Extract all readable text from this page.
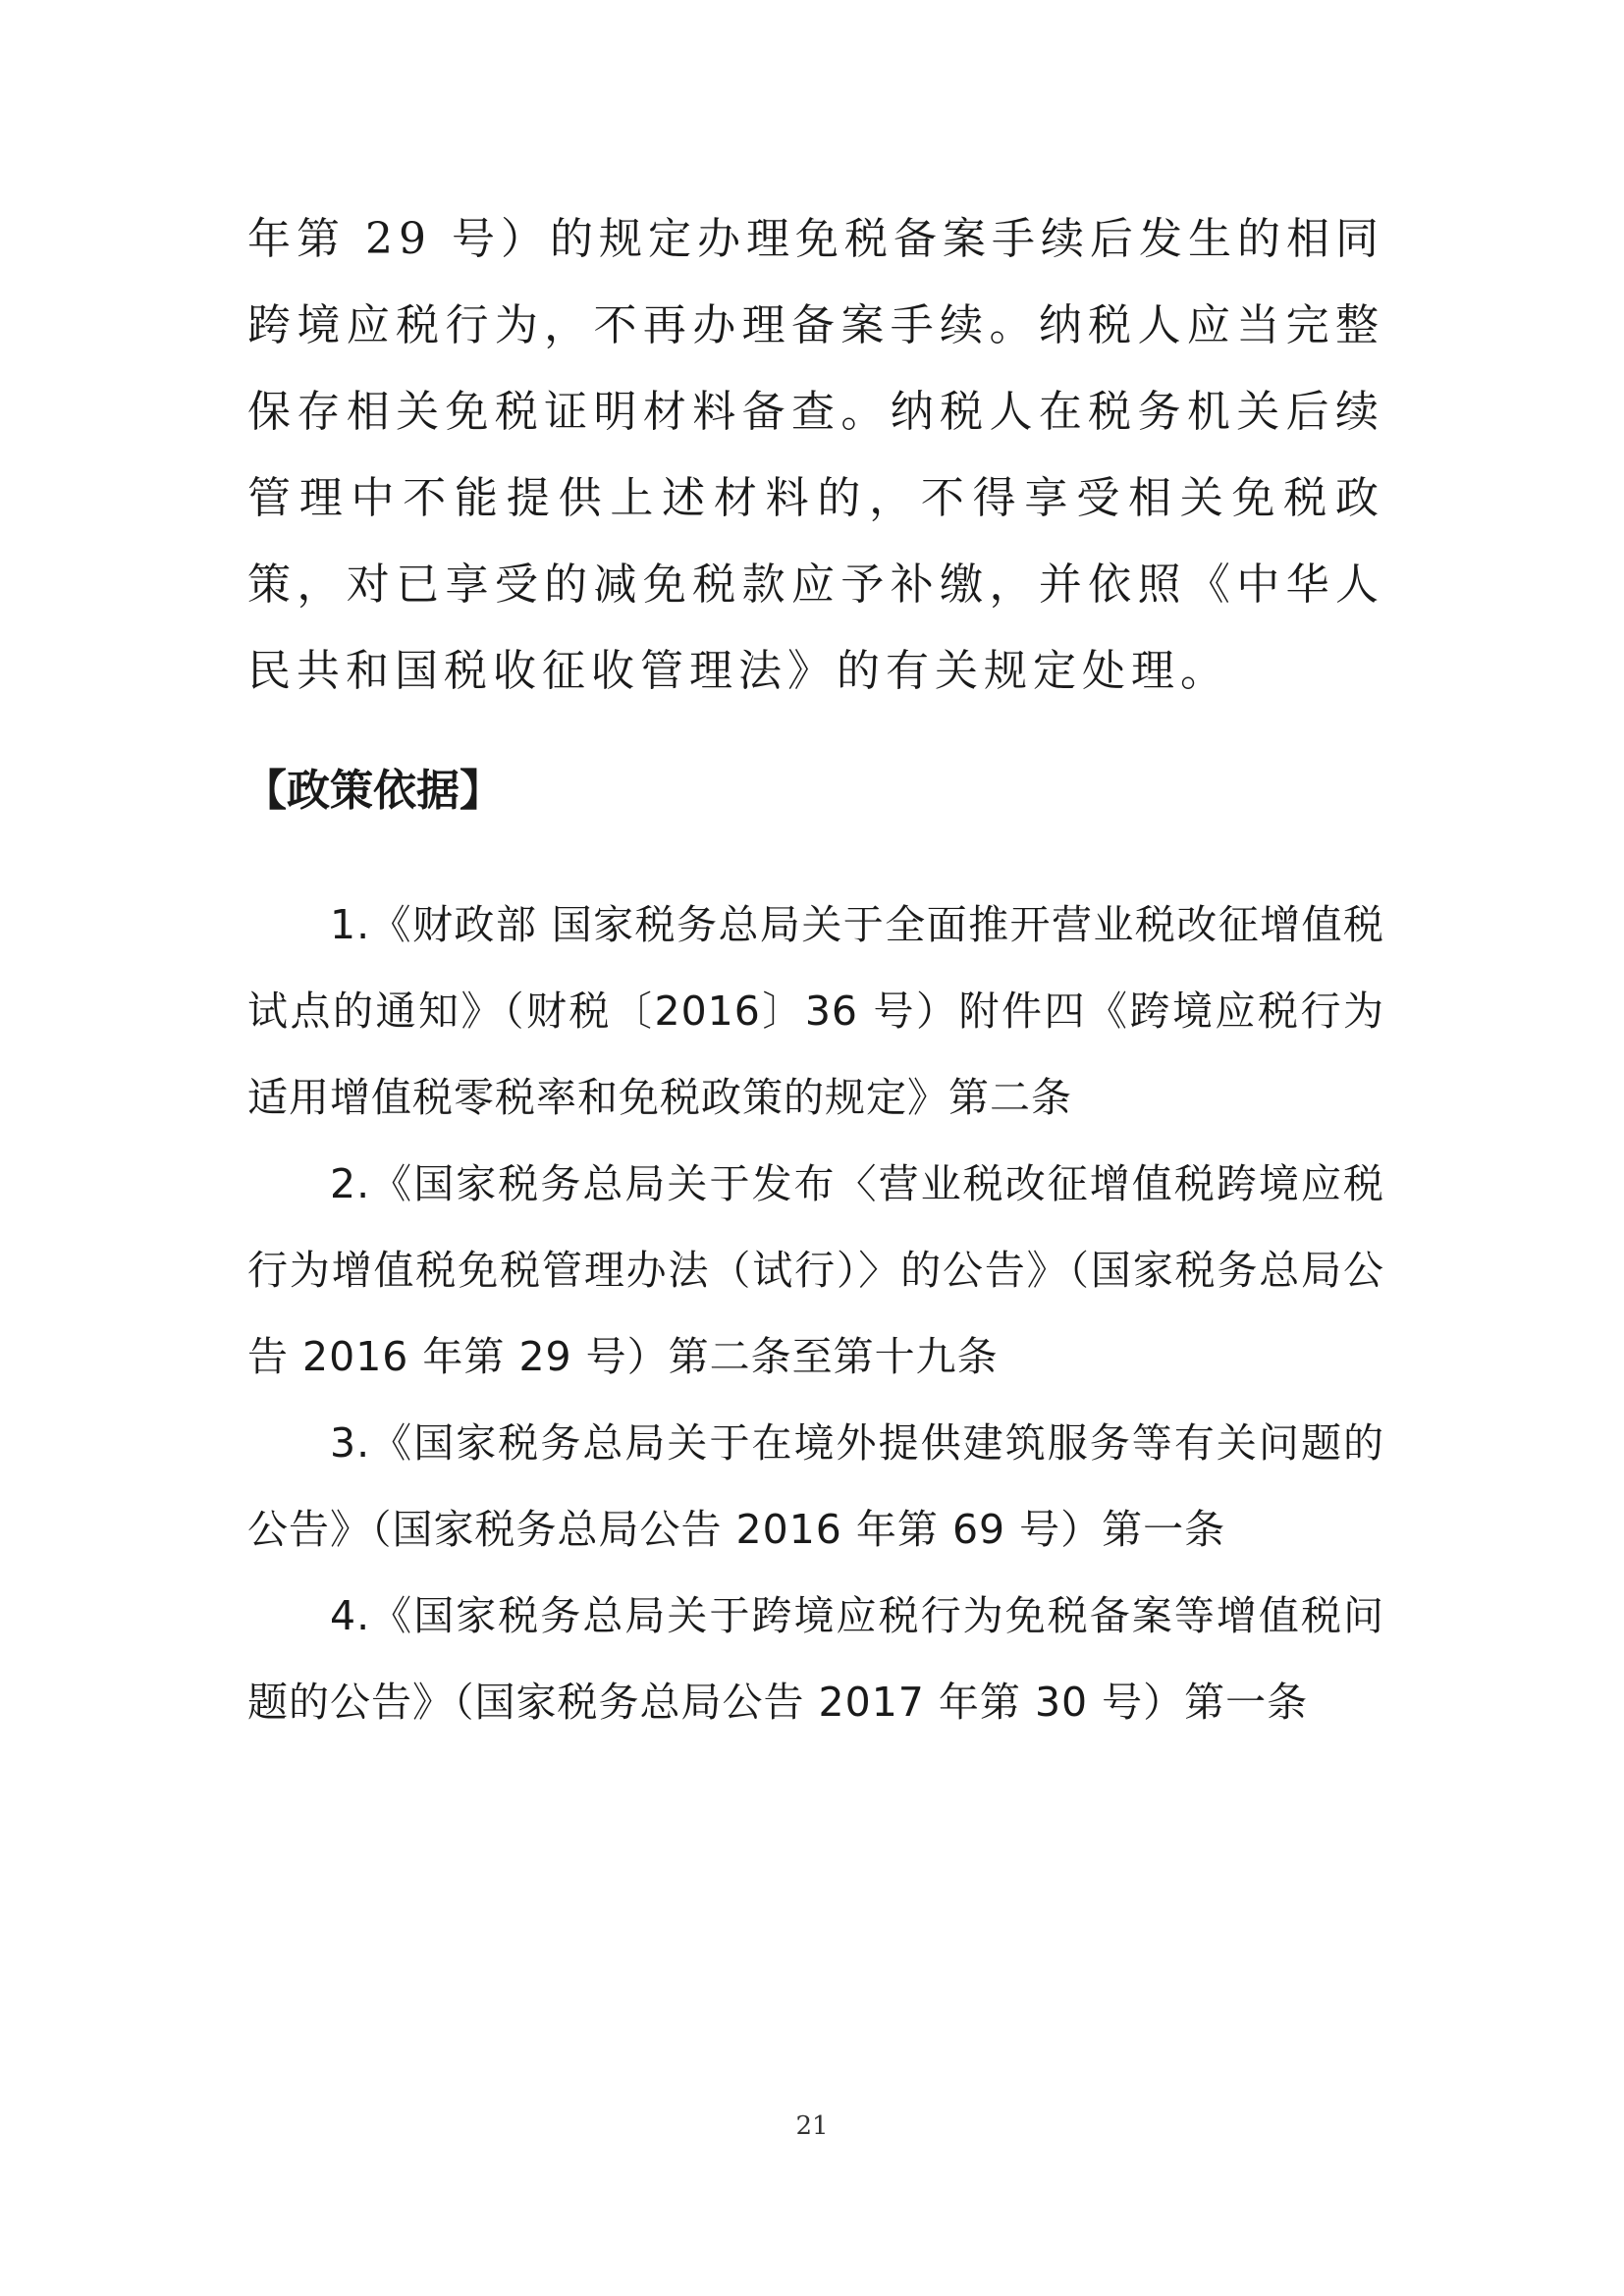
年第 29 号）的规定办理免税备案手续后发生的相同跨境应税行为，不再办理备案手续。纳税人应当完整保存相关免税证明材料备查。纳税人在税务机关后续管理中不能提供上述材料的，不得享受相关免税政策，对已享受的减免税款应予补缴，并依照《中华人民共和国税收征收管理法》的有关规定处理。

【政策依据】
1.《财政部 国家税务总局关于全面推开营业税改征增值税试点的通知》（财税〔2016〕36 号）附件四《跨境应税行为适用增值税零税率和免税政策的规定》第二条
2.《国家税务总局关于发布〈营业税改征增值税跨境应税行为增值税免税管理办法（试行）〉的公告》（国家税务总局公告 2016 年第 29 号）第二条至第十九条
3.《国家税务总局关于在境外提供建筑服务等有关问题的公告》（国家税务总局公告 2016 年第 69 号）第一条
4.《国家税务总局关于跨境应税行为免税备案等增值税问题的公告》（国家税务总局公告 2017 年第 30 号）第一条
21
